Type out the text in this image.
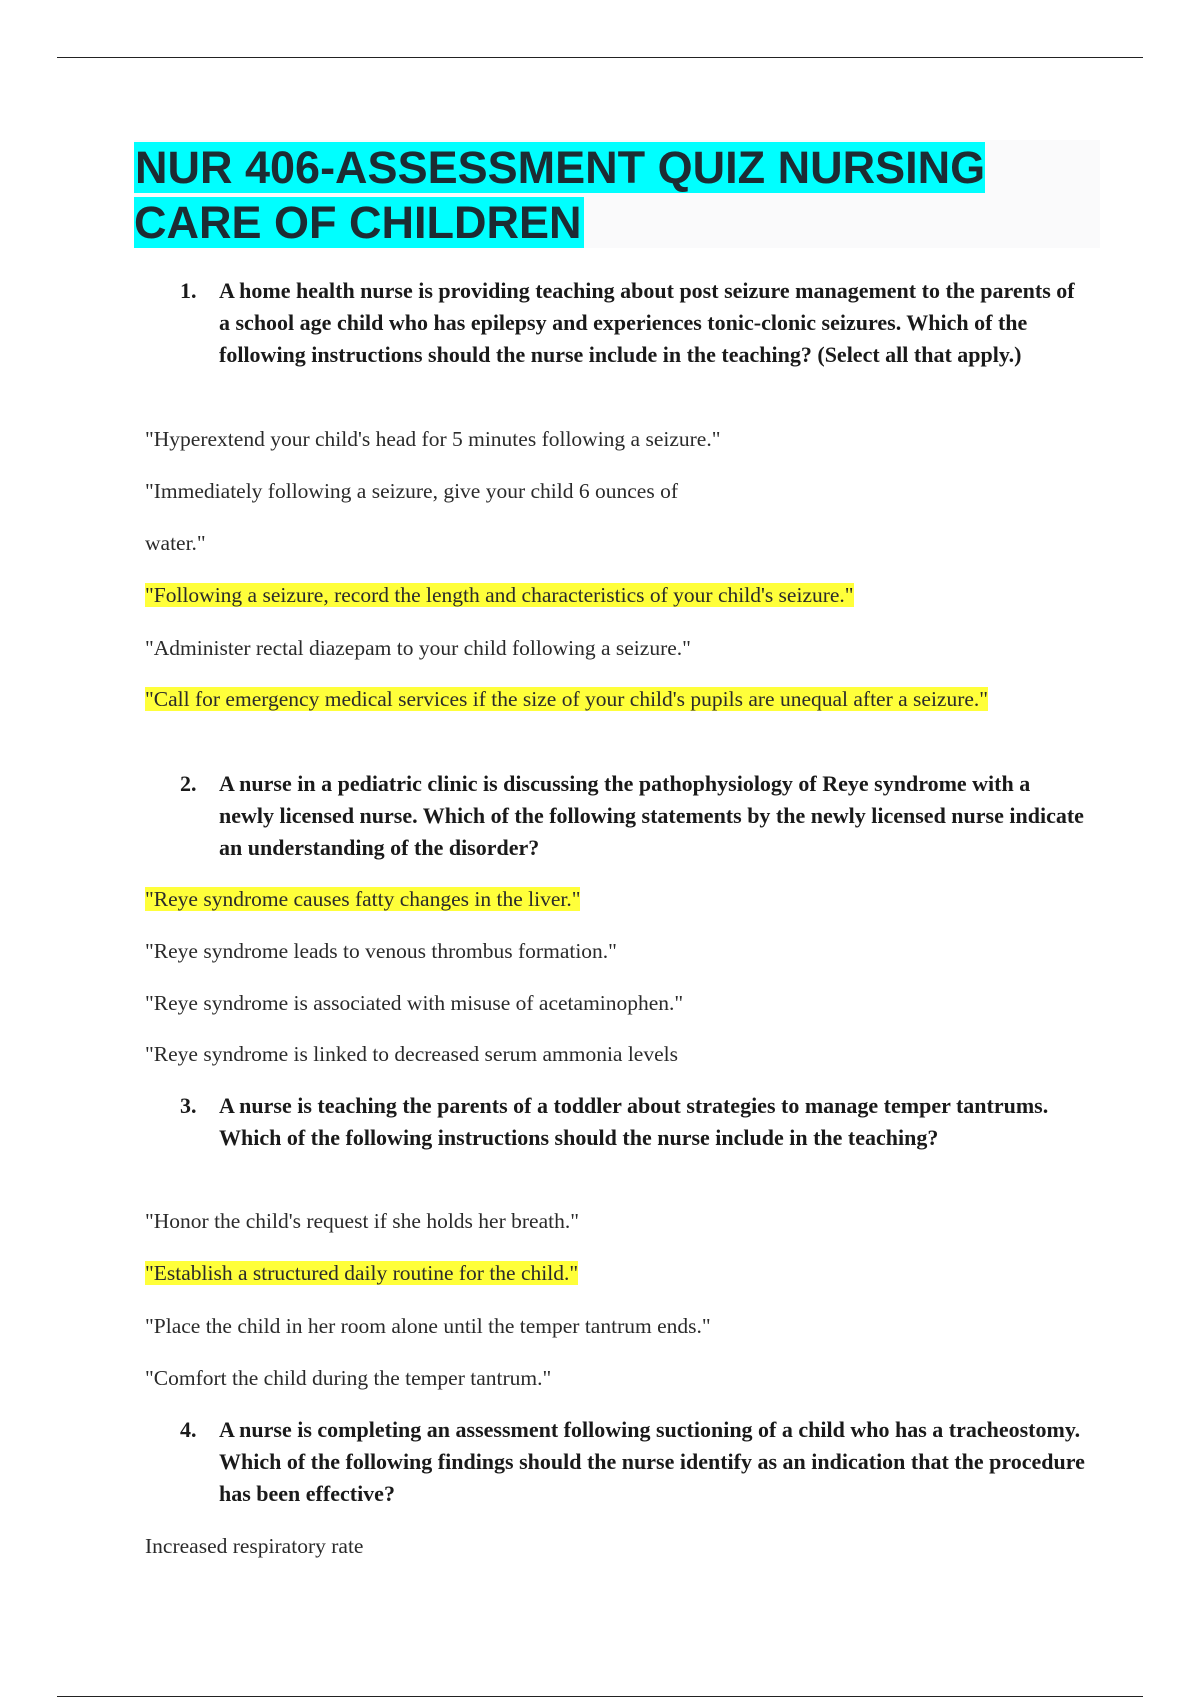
NUR 406-ASSESSMENT QUIZ NURSING CARE OF CHILDREN

1.	A home health nurse is providing teaching about post seizure management to the parents of a school age child who has epilepsy and experiences tonic-clonic seizures. Which of the following instructions should the nurse include in the teaching? (Select all that apply.)

"Hyperextend your child's head for 5 minutes following a seizure."

"Immediately following a seizure, give your child 6 ounces of

water."

"Following a seizure, record the length and characteristics of your child's seizure."

"Administer rectal diazepam to your child following a seizure."

"Call for emergency medical services if the size of your child's pupils are unequal after a seizure."

2.	A nurse in a pediatric clinic is discussing the pathophysiology of Reye syndrome with a newly licensed nurse. Which of the following statements by the newly licensed nurse indicate an understanding of the disorder?

"Reye syndrome causes fatty changes in the liver."

"Reye syndrome leads to venous thrombus formation."

"Reye syndrome is associated with misuse of acetaminophen."

"Reye syndrome is linked to decreased serum ammonia levels

3.	A nurse is teaching the parents of a toddler about strategies to manage temper tantrums. Which of the following instructions should the nurse include in the teaching?

"Honor the child's request if she holds her breath."

"Establish a structured daily routine for the child."

"Place the child in her room alone until the temper tantrum ends."

"Comfort the child during the temper tantrum."

4.	A nurse is completing an assessment following suctioning of a child who has a tracheostomy. Which of the following findings should the nurse identify as an indication that the procedure has been effective?

Increased respiratory rate
